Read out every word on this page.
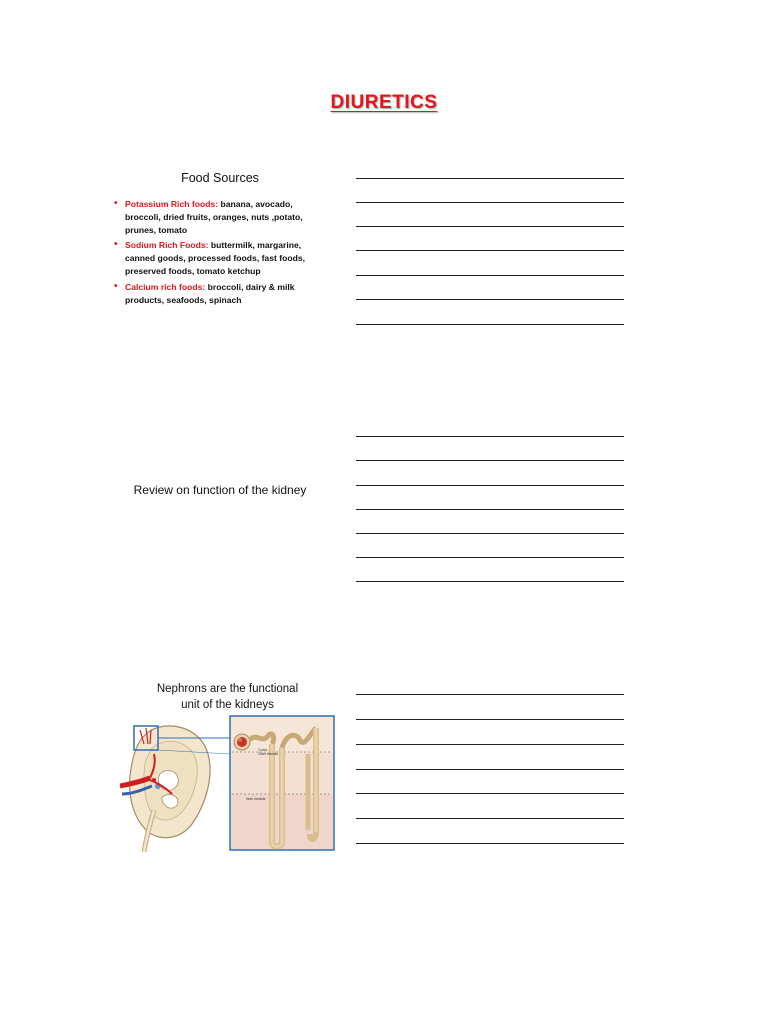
DIURETICS
Food Sources
• Potassium Rich foods: banana, avocado, broccoli, dried fruits, oranges, nuts ,potato, prunes, tomato
• Sodium Rich Foods: buttermilk, margarine, canned goods, processed foods, fast foods, preserved foods, tomato ketchup
• Calcium rich foods: broccoli, dairy & milk products, seafoods, spinach
Review on function of the kidney
Nephrons are the functional
unit of the kidneys
Cortex
Outer medulla
Inner medulla
